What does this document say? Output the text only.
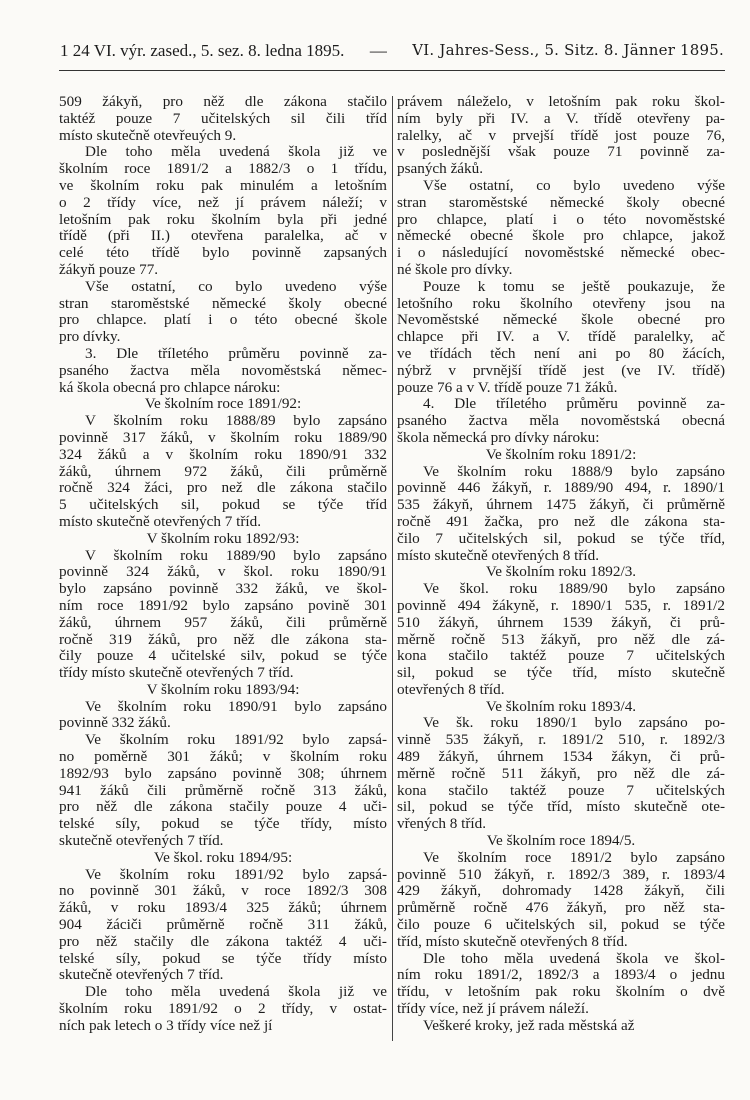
1 24 VI. výr. zased., 5. sez. 8. ledna 1895. — VI. Jahres-Sess., 5. Sitz. 8. Jänner 1895.
509 žákyň, pro něž dle zákona stačilo
taktéž pouze 7 učitelských sil čili tříd
místo skutečně otevřeuých 9.
Dle toho měla uvedená škola již ve
školním roce 1891/2 a 1882/3 o 1 třídu,
ve školním roku pak minulém a letošním
o 2 třídy více, než jí právem náleží; v
letošním pak roku školním byla při jedné
třídě (při II.) otevřena paralelka, ač v
celé této třídě bylo povinně zapsaných
žákyň pouze 77.
Vše ostatní, co bylo uvedeno výše
stran staroměstské německé školy obecné
pro chlapce. platí i o této obecné škole
pro dívky.
3. Dle tříletého průměru povinně za-
psaného žactva měla novoměstská němec-
ká škola obecná pro chlapce nároku:
Ve školním roce 1891/92:
V školním roku 1888/89 bylo zapsáno
povinně 317 žáků, v školním roku 1889/90
324 žáků a v školním roku 1890/91 332
žáků, úhrnem 972 žáků, čili průměrně
ročně 324 žáci, pro než dle zákona stačilo
5 učitelských sil, pokud se týče tříd
místo skutečně otevřených 7 tříd.
V školním roku 1892/93:
V školním roku 1889/90 bylo zapsáno
povinně 324 žáků, v škol. roku 1890/91
bylo zapsáno povinně 332 žáků, ve škol-
ním roce 1891/92 bylo zapsáno povině 301
žáků, úhrnem 957 žáků, čili průměrně
ročně 319 žáků, pro něž dle zákona sta-
čily pouze 4 učitelské silv, pokud se týče
třídy místo skutečně otevřených 7 tříd.
V školním roku 1893/94:
Ve školním roku 1890/91 bylo zapsáno
povinně 332 žáků.
Ve školním roku 1891/92 bylo zapsá-
no poměrně 301 žáků; v školním roku
1892/93 bylo zapsáno povinně 308; úhrnem
941 žáků čili průměrně ročně 313 žáků,
pro něž dle zákona stačily pouze 4 uči-
telské síly, pokud se týče třídy, místo
skutečně otevřených 7 tříd.
Ve škol. roku 1894/95:
Ve školním roku 1891/92 bylo zapsá-
no povinně 301 žáků, v roce 1892/3 308
žáků, v roku 1893/4 325 žáků; úhrnem
904 žáciči průměrně ročně 311 žáků,
pro něž stačily dle zákona taktéž 4 uči-
telské síly, pokud se týče třídy místo
skutečně otevřených 7 tříd.
Dle toho měla uvedená škola již ve
školním roku 1891/92 o 2 třídy, v ostat-
ních pak letech o 3 třídy více než jí
právem náleželo, v letošním pak roku škol-
ním byly při IV. a V. třídě otevřeny pa-
ralelky, ač v prvejší třídě jost pouze 76,
v poslednější však pouze 71 povinně za-
psaných žáků.
Vše ostatní, co bylo uvedeno výše
stran staroměstské německé školy obecné
pro chlapce, platí i o této novoměstské
německé obecné škole pro chlapce, jakož
i o následující novoměstské německé obec-
né škole pro dívky.
Pouze k tomu se ještě poukazuje, že
letošního roku školního otevřeny jsou na
Nevoměstské německé škole obecné pro
chlapce při IV. a V. třídě paralelky, ač
ve třídách těch není ani po 80 žácích,
nýbrž v prvnější třídě jest (ve IV. třídě)
pouze 76 a v V. třídě pouze 71 žáků.
4. Dle tříletého průměru povinně za-
psaného žactva měla novoměstská obecná
škola německá pro dívky nároku:
Ve školním roku 1891/2:
Ve školním roku 1888/9 bylo zapsáno
povinně 446 žákyň, r. 1889/90 494, r. 1890/1
535 žákyň, úhrnem 1475 žákyň, či průměrně
ročně 491 žačka, pro než dle zákona sta-
čilo 7 učitelských sil, pokud se týče tříd,
místo skutečně otevřených 8 tříd.
Ve školním roku 1892/3.
Ve škol. roku 1889/90 bylo zapsáno
povinně 494 žákyně, r. 1890/1 535, r. 1891/2
510 žákyň, úhrnem 1539 žákyň, či prů-
měrně ročně 513 žákyň, pro něž dle zá-
kona stačilo taktéž pouze 7 učitelských
sil, pokud se týče tříd, místo skutečně
otevřených 8 tříd.
Ve školním roku 1893/4.
Ve šk. roku 1890/1 bylo zapsáno po-
vinně 535 žákyň, r. 1891/2 510, r. 1892/3
489 žákyň, úhrnem 1534 žákyn, či prů-
měrně ročně 511 žákyň, pro něž dle zá-
kona stačilo taktéž pouze 7 učitelských
sil, pokud se týče tříd, místo skutečně ote-
vřených 8 tříd.
Ve školním roce 1894/5.
Ve školním roce 1891/2 bylo zapsáno
povinně 510 žákyň, r. 1892/3 389, r. 1893/4
429 žákyň, dohromady 1428 žákyň, čili
průměrně ročně 476 žákyň, pro něž sta-
čilo pouze 6 učitelských sil, pokud se týče
tříd, místo skutečně otevřených 8 tříd.
Dle toho měla uvedená škola ve škol-
ním roku 1891/2, 1892/3 a 1893/4 o jednu
třídu, v letošním pak roku školním o dvě
třídy více, než jí právem náleží.
Veškeré kroky, jež rada městská až
